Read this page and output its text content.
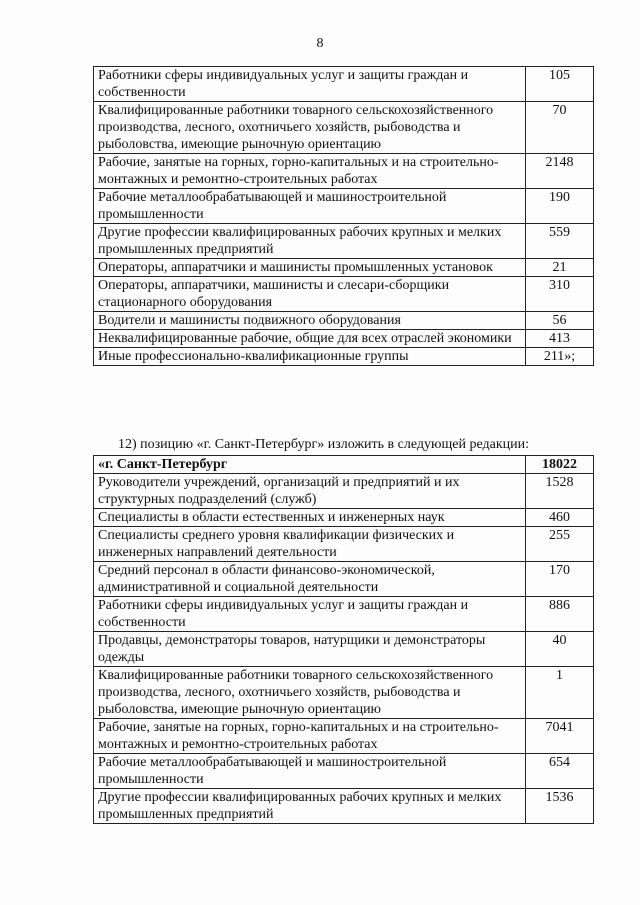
8
Работники сферы индивидуальных услуг и защиты граждан и собственности	105
Квалифицированные работники товарного сельскохозяйственного производства, лесного, охотничьего хозяйств, рыбоводства и рыболовства, имеющие рыночную ориентацию	70
Рабочие, занятые на горных, горно-капитальных и на строительно-монтажных и ремонтно-строительных работах	2148
Рабочие металлообрабатывающей и машиностроительной промышленности	190
Другие профессии квалифицированных рабочих крупных и мелких промышленных предприятий	559
Операторы, аппаратчики и машинисты промышленных установок	21
Операторы, аппаратчики, машинисты и слесари-сборщики стационарного оборудования	310
Водители и машинисты подвижного оборудования	56
Неквалифицированные рабочие, общие для всех отраслей экономики	413
Иные профессионально-квалификационные группы	211»;
12) позицию «г. Санкт-Петербург» изложить в следующей редакции:
«г. Санкт-Петербург	18022
Руководители учреждений, организаций и предприятий и их структурных подразделений (служб)	1528
Специалисты в области естественных и инженерных наук	460
Специалисты среднего уровня квалификации физических и инженерных направлений деятельности	255
Средний персонал в области финансово-экономической, административной и социальной деятельности	170
Работники сферы индивидуальных услуг и защиты граждан и собственности	886
Продавцы, демонстраторы товаров, натурщики и демонстраторы одежды	40
Квалифицированные работники товарного сельскохозяйственного производства, лесного, охотничьего хозяйств, рыбоводства и рыболовства, имеющие рыночную ориентацию	1
Рабочие, занятые на горных, горно-капитальных и на строительно-монтажных и ремонтно-строительных работах	7041
Рабочие металлообрабатывающей и машиностроительной промышленности	654
Другие профессии квалифицированных рабочих крупных и мелких промышленных предприятий	1536
